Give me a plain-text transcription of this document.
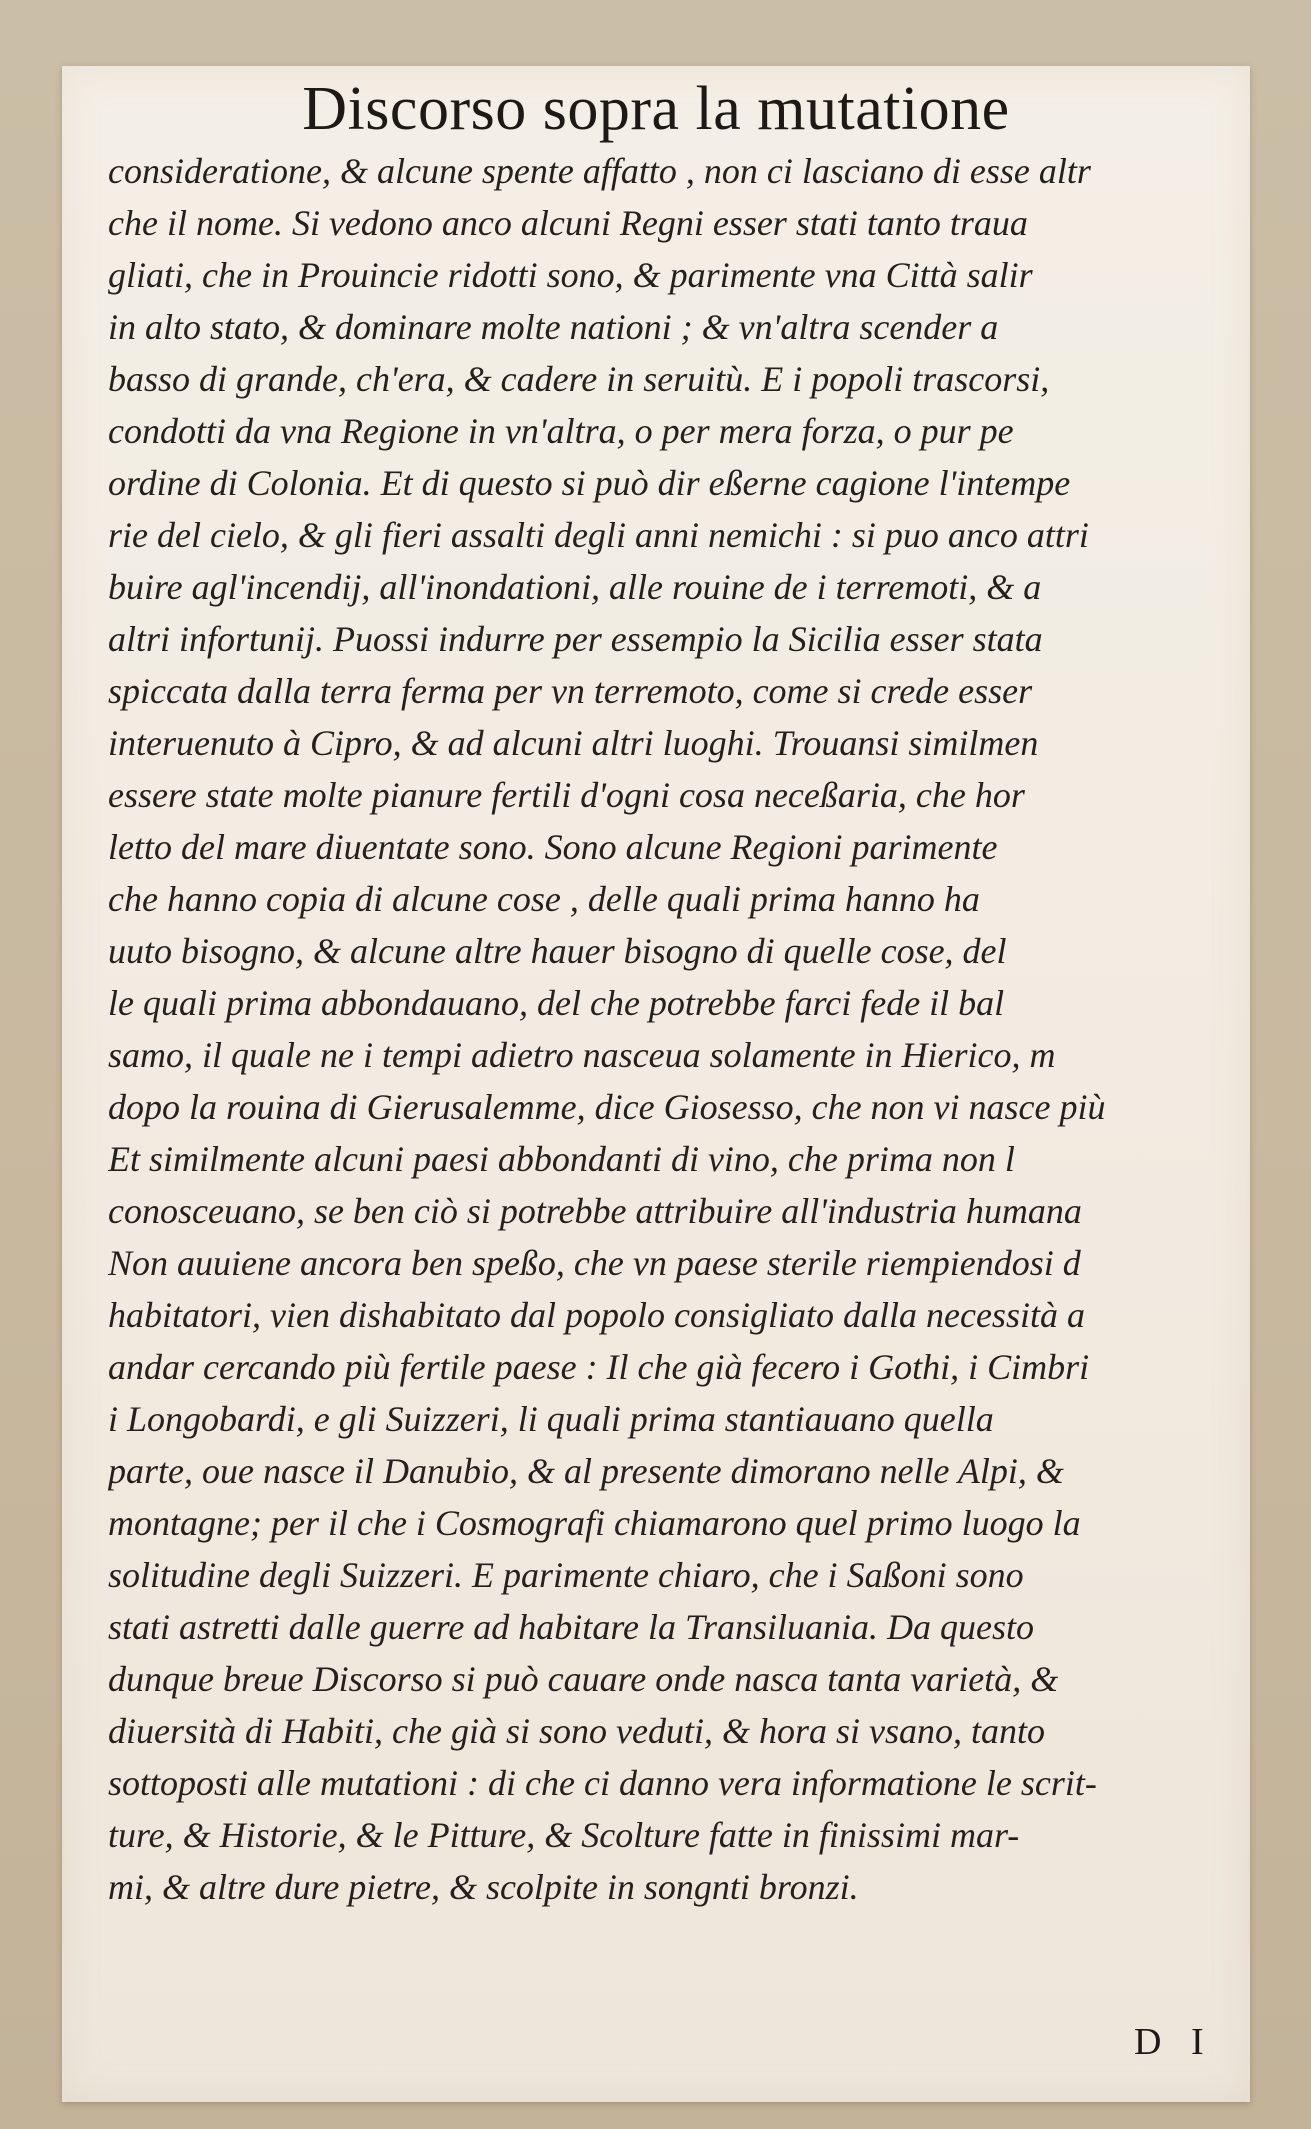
Discorso sopra la mutatione
consideratione, & alcune spente affatto , non ci lasciano di esse altr
che il nome. Si vedono anco alcuni Regni esser stati tanto traua
gliati, che in Prouincie ridotti sono, & parimente vna Città salir
in alto stato, & dominare molte nationi ; & vn'altra scender a
basso di grande, ch'era, & cadere in seruitù. E i popoli trascorsi,
condotti da vna Regione in vn'altra, o per mera forza, o pur pe
ordine di Colonia. Et di questo si può dir eßerne cagione l'intempe
rie del cielo, & gli fieri assalti degli anni nemichi : si puo anco attri
buire agl'incendij, all'inondationi, alle rouine de i terremoti, & a
altri infortunij. Puossi indurre per essempio la Sicilia esser stata
spiccata dalla terra ferma per vn terremoto, come si crede esser
interuenuto à Cipro, & ad alcuni altri luoghi. Trouansi similmen
essere state molte pianure fertili d'ogni cosa neceßaria, che hor
letto del mare diuentate sono. Sono alcune Regioni parimente
che hanno copia di alcune cose , delle quali prima hanno ha
uuto bisogno, & alcune altre hauer bisogno di quelle cose, del
le quali prima abbondauano, del che potrebbe farci fede il bal
samo, il quale ne i tempi adietro nasceua solamente in Hierico, m
dopo la rouina di Gierusalemme, dice Giosesso, che non vi nasce più
Et similmente alcuni paesi abbondanti di vino, che prima non l
conosceuano, se ben ciò si potrebbe attribuire all'industria humana
Non auuiene ancora ben speßo, che vn paese sterile riempiendosi d
habitatori, vien dishabitato dal popolo consigliato dalla necessità a
andar cercando più fertile paese : Il che già fecero i Gothi, i Cimbri
i Longobardi, e gli Suizzeri, li quali prima stantiauano quella
parte, oue nasce il Danubio, & al presente dimorano nelle Alpi, &
montagne; per il che i Cosmografi chiamarono quel primo luogo la
solitudine degli Suizzeri. E parimente chiaro, che i Saßoni sono
stati astretti dalle guerre ad habitare la Transiluania. Da questo
dunque breue Discorso si può cauare onde nasca tanta varietà, &
diuersità di Habiti, che già si sono veduti, & hora si vsano, tanto
sottoposti alle mutationi : di che ci danno vera informatione le scrit-
ture, & Historie, & le Pitture, & Scolture fatte in finissimi mar-
mi, & altre dure pietre, & scolpite in songnti bronzi.
D I
